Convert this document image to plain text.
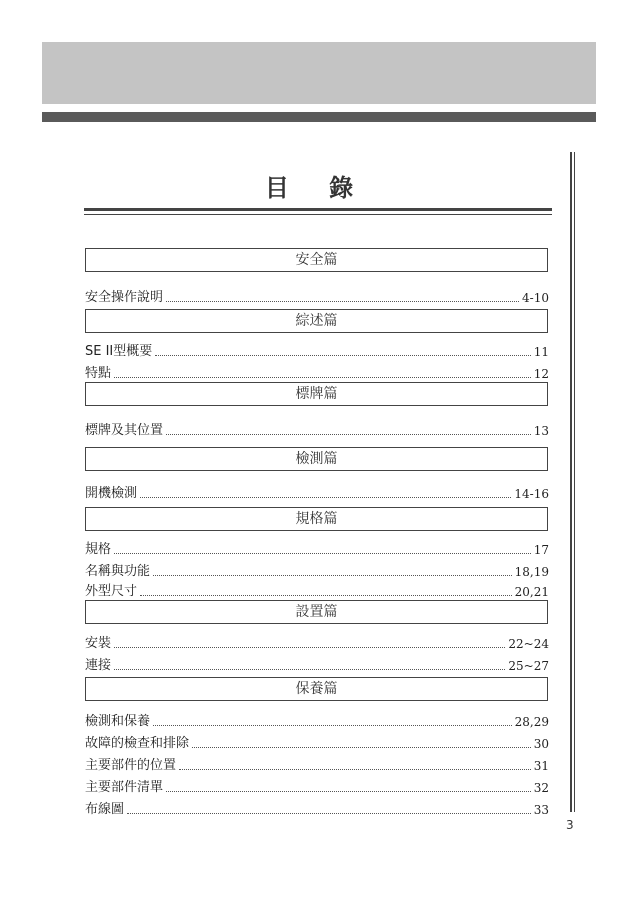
目 錄
安全篇
安全操作說明	4-10
綜述篇
SE II型概要	11
特點	12
標牌篇
標牌及其位置	13
檢測篇
開機檢測	14-16
規格篇
規格	17
名稱與功能	18,19
外型尺寸	20,21
設置篇
安裝	22~24
連接	25~27
保養篇
檢測和保養	28,29
故障的檢查和排除	30
主要部件的位置	31
主要部件清單	32
布線圖	33
3
